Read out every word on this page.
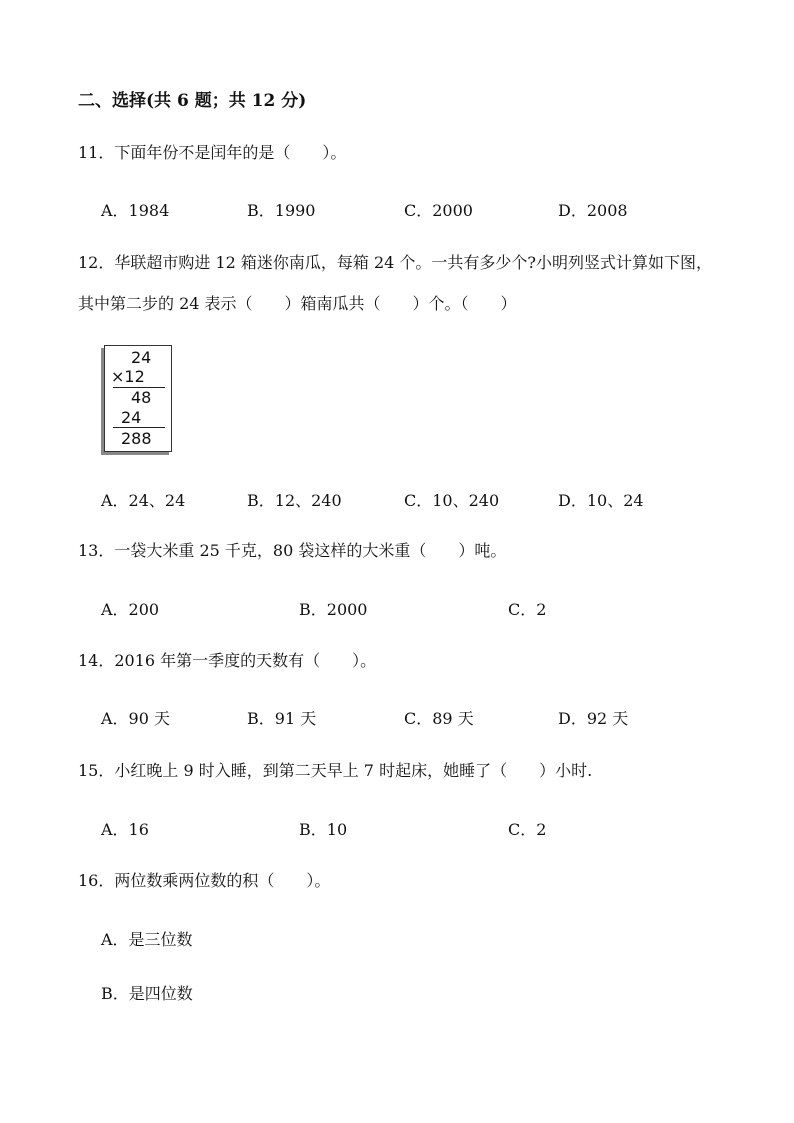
二、选择(共 6 题；共 12 分)
11．下面年份不是闰年的是（　　）。
A．1984	B．1990	C．2000	D．2008
12．华联超市购进 12 箱迷你南瓜，每箱 24 个。一共有多少个?小明列竖式计算如下图，其中第二步的 24 表示（　　）箱南瓜共（　　）个。（　　）
24
×12
48
24
288
A．24、24	B．12、240	C．10、240	D．10、24
13．一袋大米重 25 千克，80 袋这样的大米重（　　）吨。
A．200	B．2000	C．2
14．2016 年第一季度的天数有（　　）。
A．90 天	B．91 天	C．89 天	D．92 天
15．小红晚上 9 时入睡，到第二天早上 7 时起床，她睡了（　　）小时.
A．16	B．10	C．2
16．两位数乘两位数的积（　　）。
A．是三位数
B．是四位数
